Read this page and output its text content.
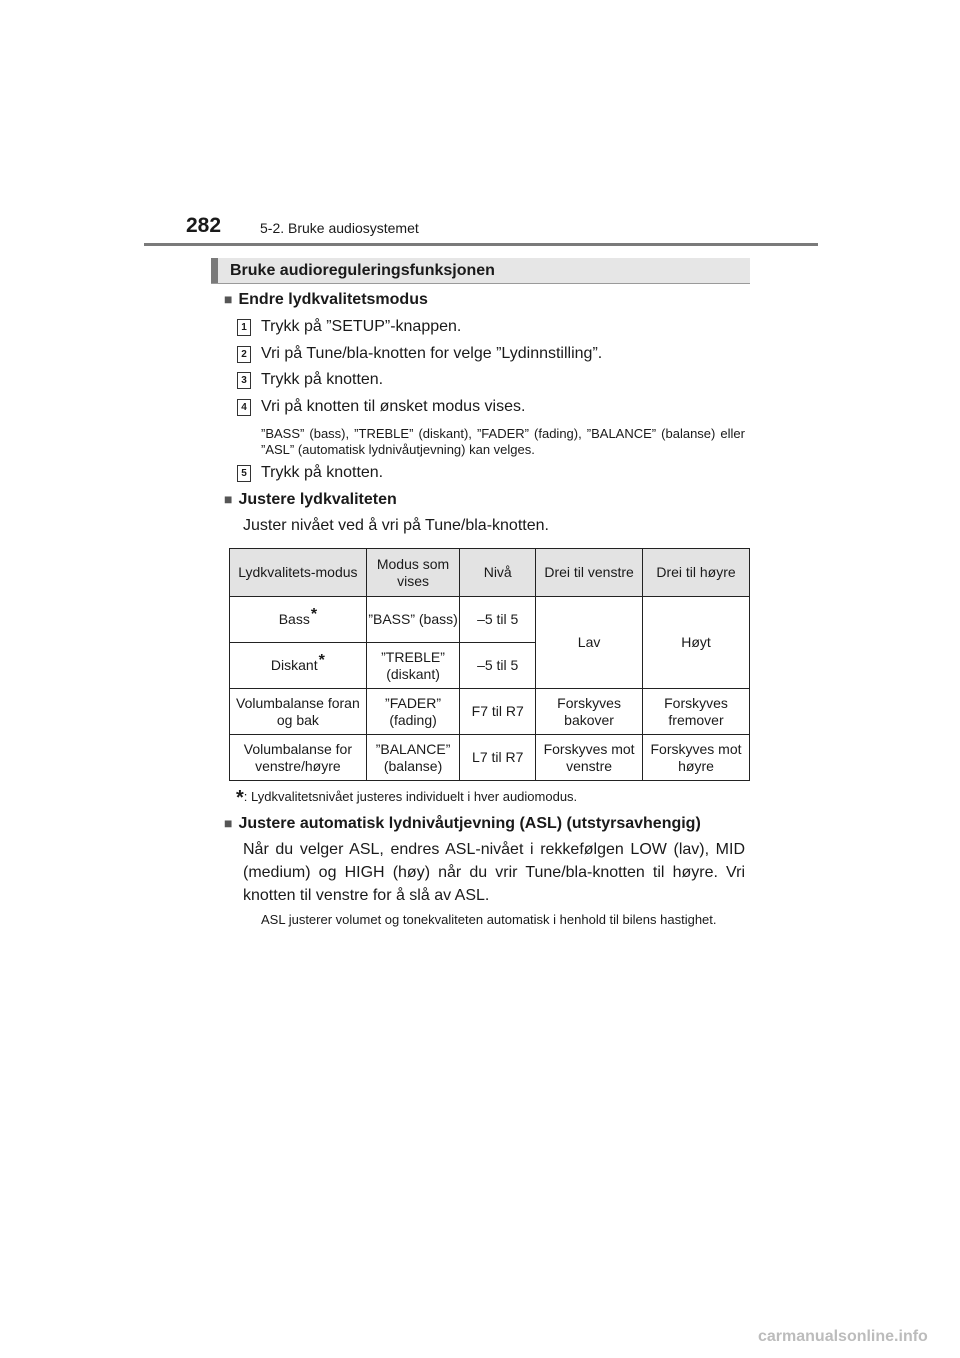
282	5-2. Bruke audiosystemet
Bruke audioreguleringsfunksjonen
■ Endre lydkvalitetsmodus
1 Trykk på ”SETUP”-knappen.
2 Vri på Tune/bla-knotten for velge ”Lydinnstilling”.
3 Trykk på knotten.
4 Vri på knotten til ønsket modus vises.
”BASS” (bass), ”TREBLE” (diskant), ”FADER” (fading), ”BALANCE” (balanse) eller ”ASL” (automatisk lydnivåutjevning) kan velges.
5 Trykk på knotten.
■ Justere lydkvaliteten
Juster nivået ved å vri på Tune/bla-knotten.
Lydkvalitets-modus	Modus som vises	Nivå	Drei til venstre	Drei til høyre
Bass*	”BASS” (bass)	–5 til 5	Lav	Høyt
Diskant*	”TREBLE” (diskant)	–5 til 5		
Volumbalanse foran og bak	”FADER” (fading)	F7 til R7	Forskyves bakover	Forskyves fremover
Volumbalanse for venstre/høyre	”BALANCE” (balanse)	L7 til R7	Forskyves mot venstre	Forskyves mot høyre
*: Lydkvalitetsnivået justeres individuelt i hver audiomodus.
■ Justere automatisk lydnivåutjevning (ASL) (utstyrsavhengig)
Når du velger ASL, endres ASL-nivået i rekkefølgen LOW (lav), MID (medium) og HIGH (høy) når du vrir Tune/bla-knotten til høyre. Vri knotten til venstre for å slå av ASL.
ASL justerer volumet og tonekvaliteten automatisk i henhold til bilens hastighet.
carmanualsonline.info
